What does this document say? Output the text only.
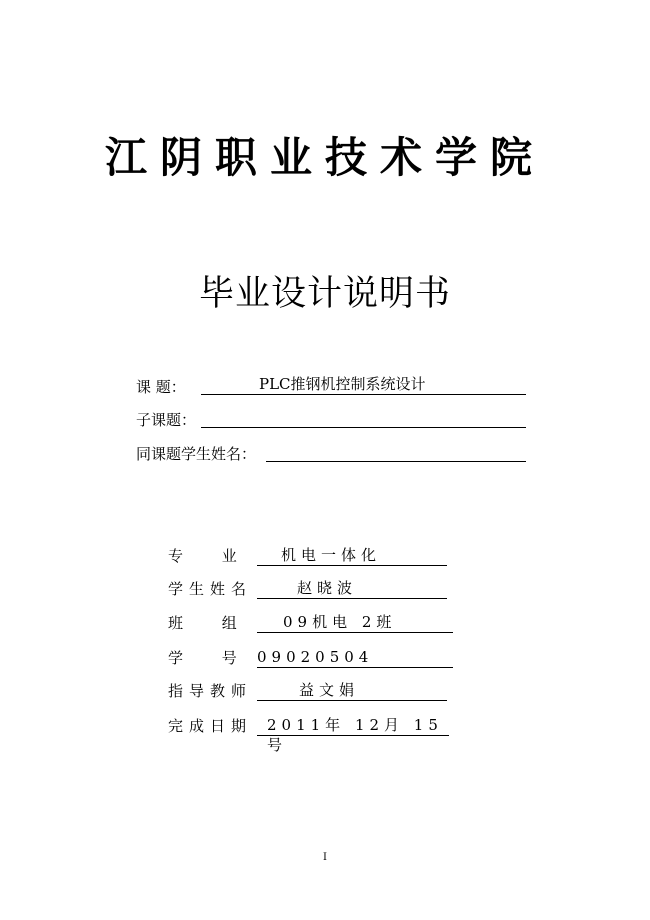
江阴职业技术学院
毕业设计说明书
课 题：	PLC推钢机控制系统设计
子课题：
同课题学生姓名：
专 业	机电一体化
学生姓名	赵晓波
班 组	09机电 2班
学 号 09020504
指导教师	益文娟
完成日期 2011年 12月 15号
I
